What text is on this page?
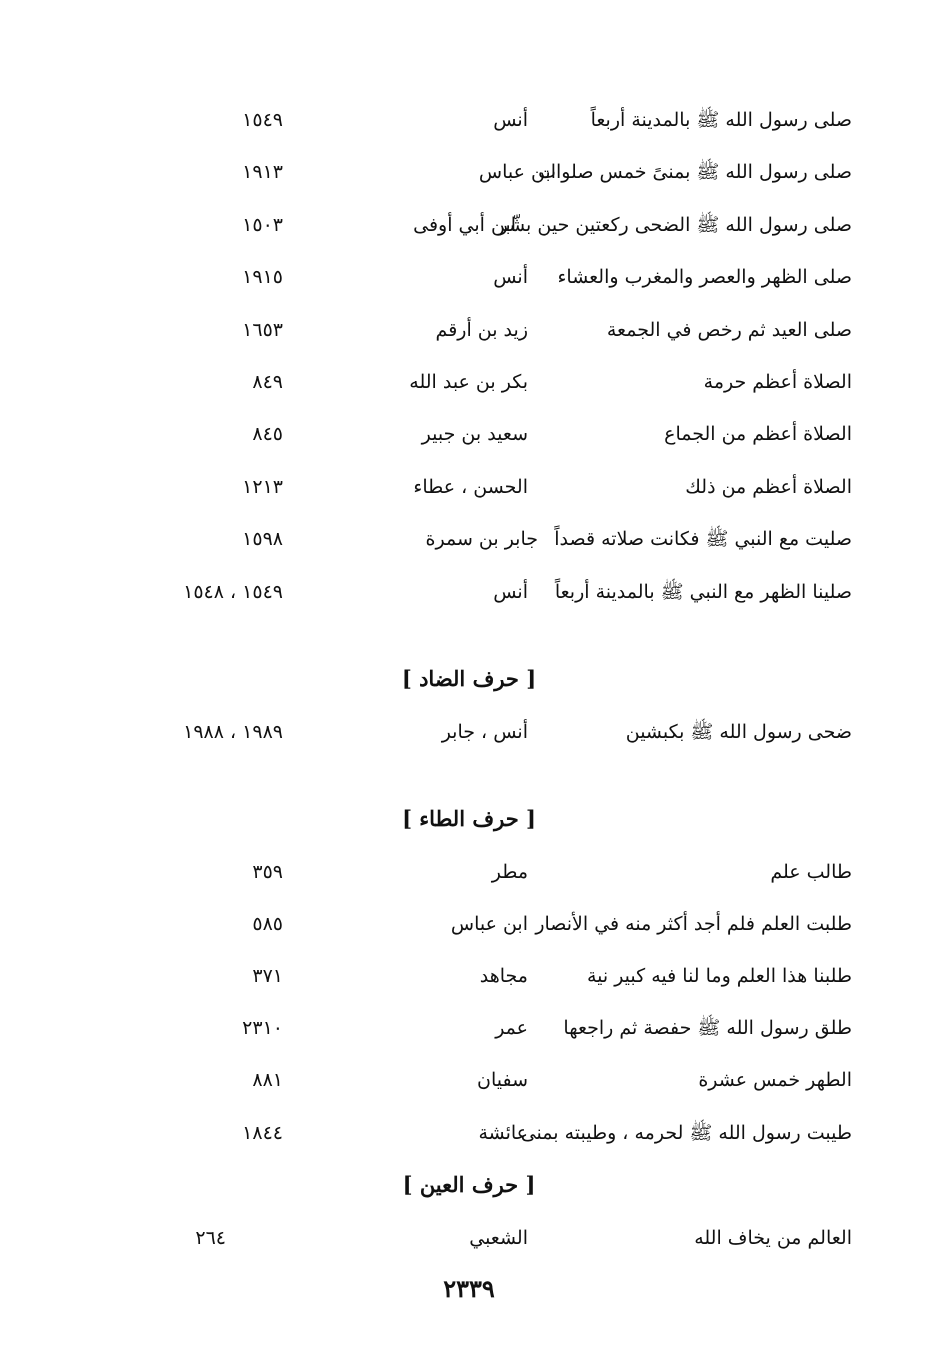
صلى رسول الله ﷺ بالمدينة أربعاً
أنس
١٥٤٩
صلى رسول الله ﷺ بمنىً خمس صلوات
ابن عباس
١٩١٣
صلى رسول الله ﷺ الضحى ركعتين حين بشّر
ابن أبي أوفى
١٥٠٣
صلى الظهر والعصر والمغرب والعشاء
أنس
١٩١٥
صلى العيد ثم رخص في الجمعة
زيد بن أرقم
١٦٥٣
الصلاة أعظم حرمة
بكر بن عبد الله
٨٤٩
الصلاة أعظم من الجماع
سعيد بن جبير
٨٤٥
الصلاة أعظم من ذلك
الحسن ، عطاء
١٢١٣
صليت مع النبي ﷺ فكانت صلاته قصداً
جابر بن سمرة
١٥٩٨
صلينا الظهر مع النبي ﷺ بالمدينة أربعاً
أنس
١٥٤٩ ، ١٥٤٨
[ حرف الضاد ]
ضحى رسول الله ﷺ بكبشين
أنس ، جابر
١٩٨٩ ، ١٩٨٨
[ حرف الطاء ]
طالب علم
مطر
٣٥٩
طلبت العلم فلم أجد أكثر منه في الأنصار
ابن عباس
٥٨٥
طلبنا هذا العلم وما لنا فيه كبير نية
مجاهد
٣٧١
طلق رسول الله ﷺ حفصة ثم راجعها
عمر
٢٣١٠
الطهر خمس عشرة
سفيان
٨٨١
طيبت رسول الله ﷺ لحرمه ، وطيبته بمنى
عائشة
١٨٤٤
[ حرف العين ]
العالم من يخاف الله
الشعبي
٢٦٤
٢٣٣٩
